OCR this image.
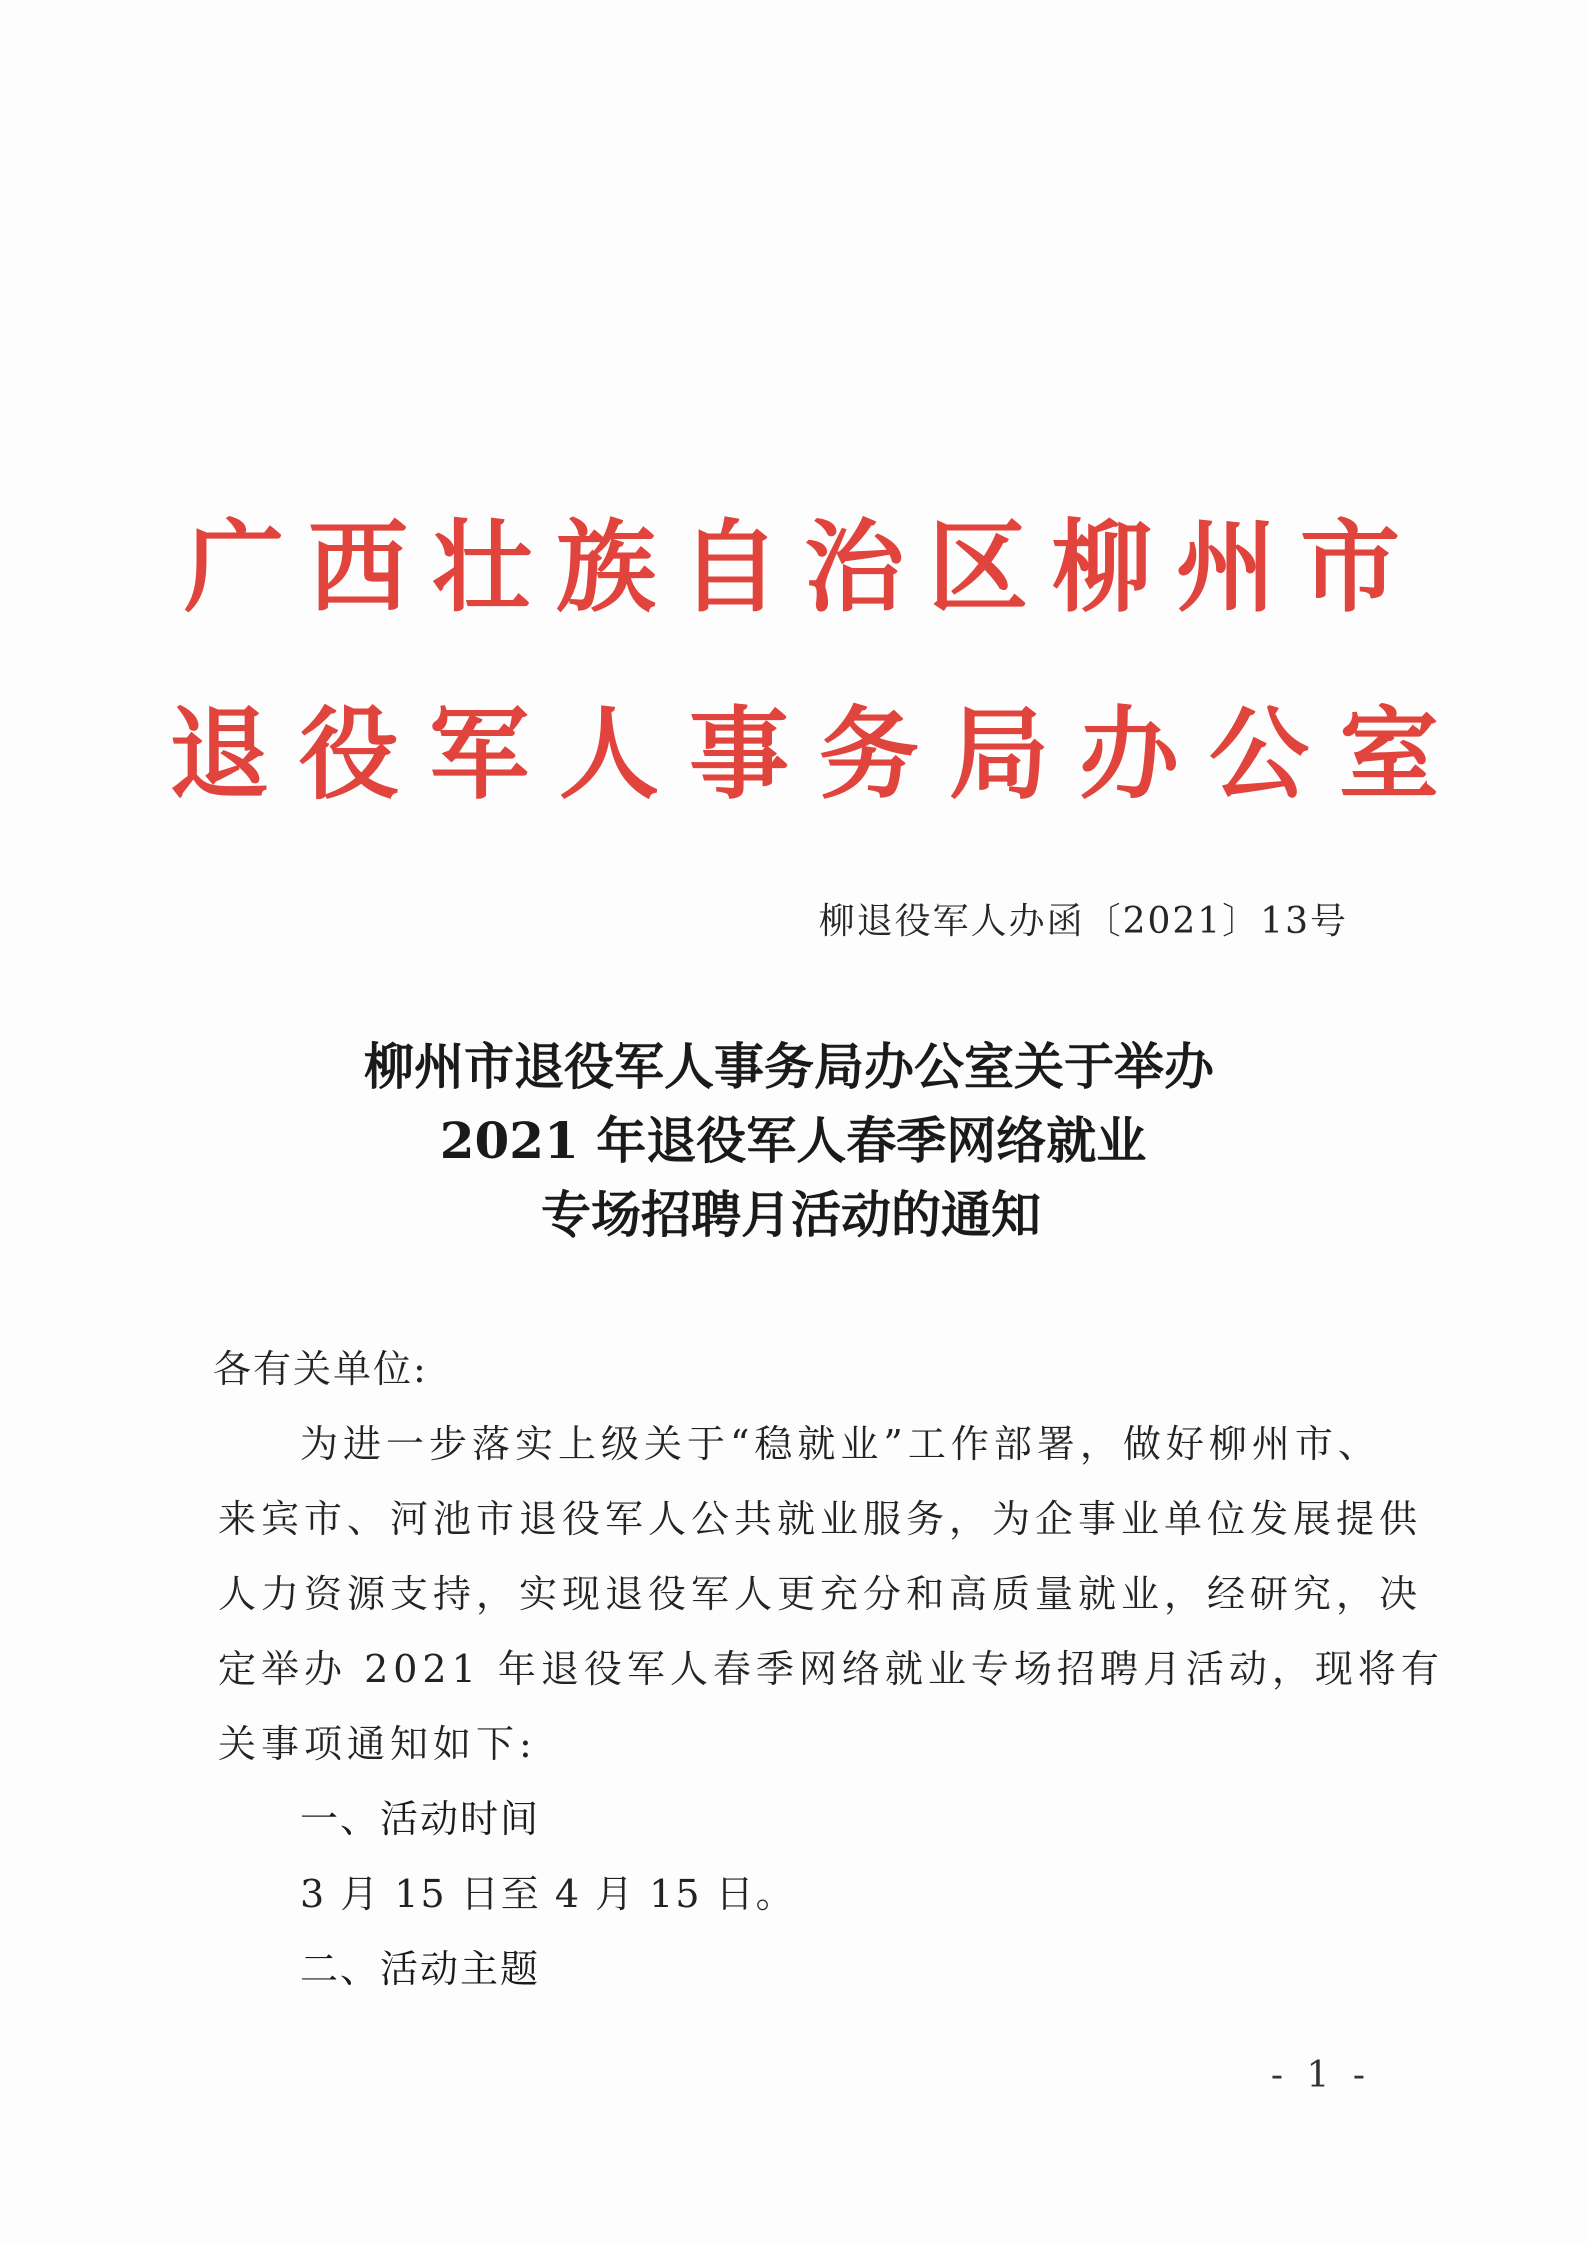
广西壮族自治区柳州市
退役军人事务局办公室
柳退役军人办函〔2021〕13号
柳州市退役军人事务局办公室关于举办
2021 年退役军人春季网络就业
专场招聘月活动的通知
各有关单位:
为进一步落实上级关于“稳就业”工作部署，做好柳州市、
来宾市、河池市退役军人公共就业服务，为企事业单位发展提供
人力资源支持，实现退役军人更充分和高质量就业，经研究，决
定举办 2021 年退役军人春季网络就业专场招聘月活动，现将有
关事项通知如下:
一、活动时间
3 月 15 日至 4 月 15 日。
二、活动主题
- 1 -
